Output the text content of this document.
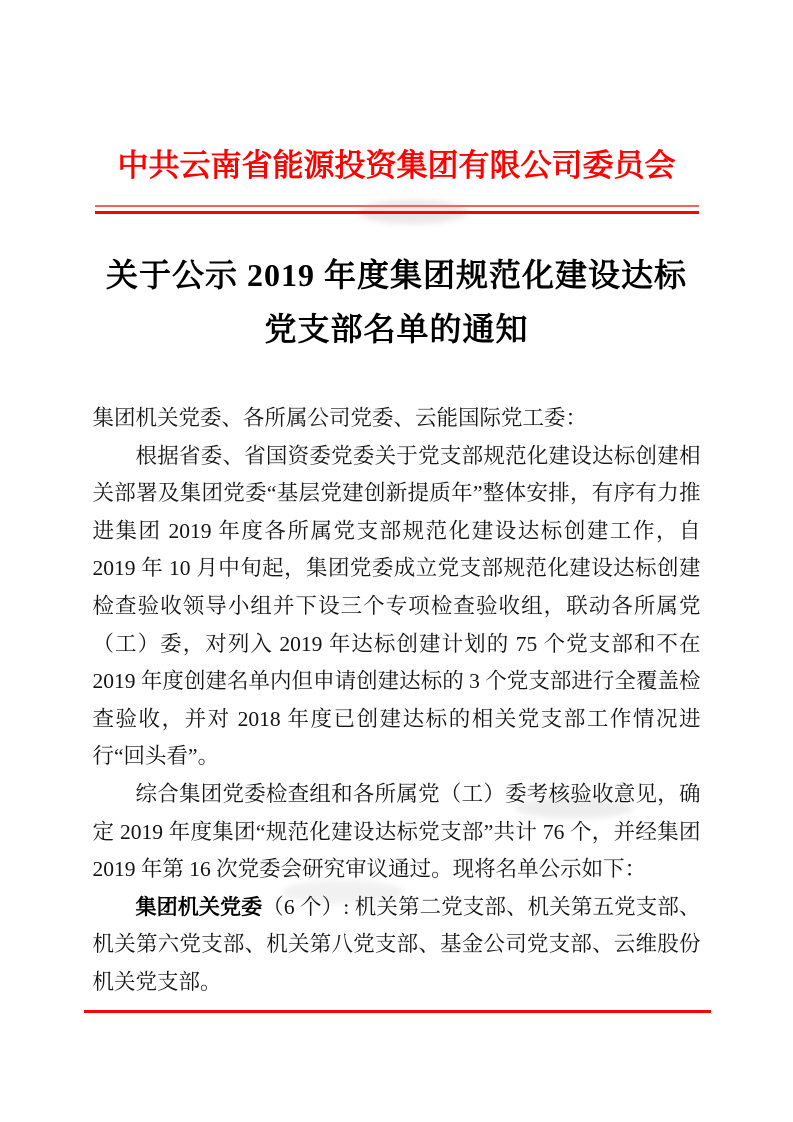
中共云南省能源投资集团有限公司委员会
关于公示 2019 年度集团规范化建设达标
党支部名单的通知

集团机关党委、各所属公司党委、云能国际党工委：

根据省委、省国资委党委关于党支部规范化建设达标创建相关部署及集团党委“基层党建创新提质年”整体安排，有序有力推进集团 2019 年度各所属党支部规范化建设达标创建工作，自 2019 年 10 月中旬起，集团党委成立党支部规范化建设达标创建检查验收领导小组并下设三个专项检查验收组，联动各所属党（工）委，对列入 2019 年达标创建计划的 75 个党支部和不在 2019 年度创建名单内但申请创建达标的 3 个党支部进行全覆盖检查验收，并对 2018 年度已创建达标的相关党支部工作情况进行“回头看”。

综合集团党委检查组和各所属党（工）委考核验收意见，确定 2019 年度集团“规范化建设达标党支部”共计 76 个，并经集团 2019 年第 16 次党委会研究审议通过。现将名单公示如下：

集团机关党委（6 个）: 机关第二党支部、机关第五党支部、机关第六党支部、机关第八党支部、基金公司党支部、云维股份机关党支部。
